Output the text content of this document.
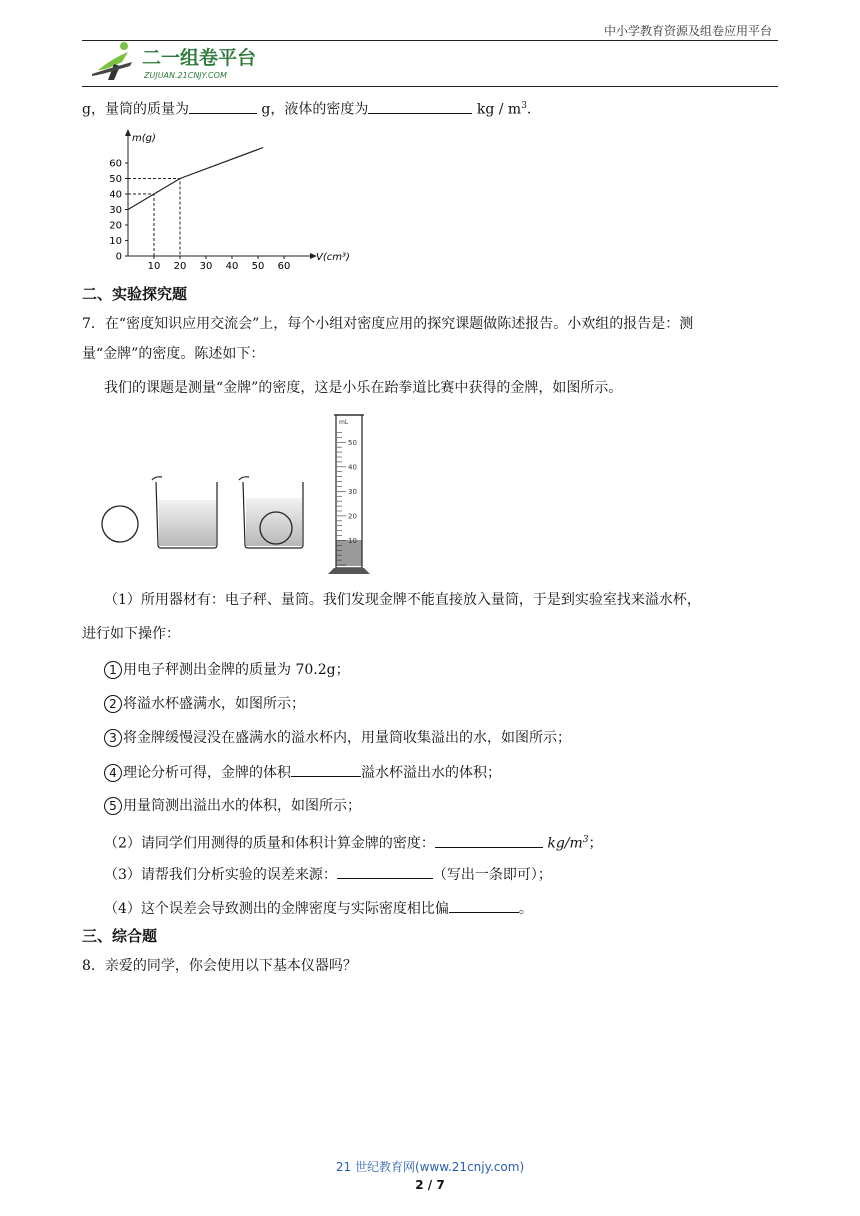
中小学教育资源及组卷应用平台
二一组卷平台
ZUJUAN.21CNJY.COM
g，量筒的质量为	g，液体的密度为	kg / $m^3$.
m(g)
V(cm³)
0
10
20
30
40
50
60
10 20 30 40 50 60
二、实验探究题
7．在“密度知识应用交流会”上，每个小组对密度应用的探究课题做陈述报告。小欢组的报告是：测
量“金牌”的密度。陈述如下：
我们的课题是测量“金牌”的密度，这是小乐在跆拳道比赛中获得的金牌，如图所示。
mL
50
40
30
20
10
（1）所用器材有：电子秤、量筒。我们发现金牌不能直接放入量筒，于是到实验室找来溢水杯，
进行如下操作：
1 用电子秤测出金牌的质量为 70.2g；
2 将溢水杯盛满水，如图所示；
3 将金牌缓慢浸没在盛满水的溢水杯内，用量筒收集溢出的水，如图所示；
4 理论分析可得，金牌的体积	溢水杯溢出水的体积；
5 用量筒测出溢出水的体积，如图所示；
（2）请同学们用测得的质量和体积计算金牌的密度：	$kg/m^3$；
（3）请帮我们分析实验的误差来源：	（写出一条即可）；
（4）这个误差会导致测出的金牌密度与实际密度相比偏	。
三、综合题
8．亲爱的同学，你会使用以下基本仪器吗？
21 世纪教育网(www.21cnjy.com)
2 / 7
